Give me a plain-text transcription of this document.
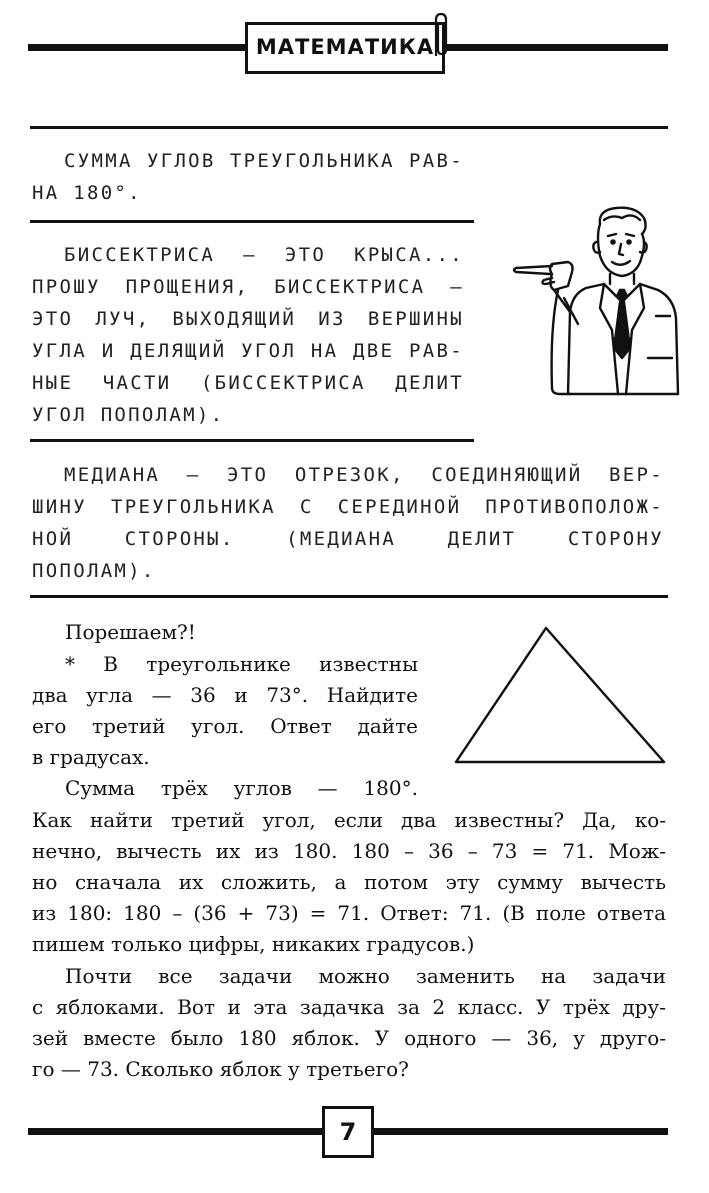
МАТЕМАТИКА
СУММА УГЛОВ ТРЕУГОЛЬНИКА РАВ-
НА 180°.
БИССЕКТРИСА — ЭТО КРЫСА...
ПРОШУ ПРОЩЕНИЯ, БИССЕКТРИСА —
ЭТО ЛУЧ, ВЫХОДЯЩИЙ ИЗ ВЕРШИНЫ
УГЛА И ДЕЛЯЩИЙ УГОЛ НА ДВЕ РАВ-
НЫЕ ЧАСТИ (БИССЕКТРИСА ДЕЛИТ
УГОЛ ПОПОЛАМ).
МЕДИАНА — ЭТО ОТРЕЗОК, СОЕДИНЯЮЩИЙ ВЕР-
ШИНУ ТРЕУГОЛЬНИКА С СЕРЕДИНОЙ ПРОТИВОПОЛОЖ-
НОЙ СТОРОНЫ. (МЕДИАНА ДЕЛИТ СТОРОНУ
ПОПОЛАМ).
Порешаем?!
* В треугольнике известны
два угла — 36 и 73°. Найдите
его третий угол. Ответ дайте
в градусах.
Сумма трёх углов — 180°.
Как найти третий угол, если два известны? Да, ко-
нечно, вычесть их из 180. 180 – 36 – 73 = 71. Мож-
но сначала их сложить, а потом эту сумму вычесть
из 180: 180 – (36 + 73) = 71. Ответ: 71. (В поле ответа
пишем только цифры, никаких градусов.)
Почти все задачи можно заменить на задачи
с яблоками. Вот и эта задачка за 2 класс. У трёх дру-
зей вместе было 180 яблок. У одного — 36, у друго-
го — 73. Сколько яблок у третьего?
7
